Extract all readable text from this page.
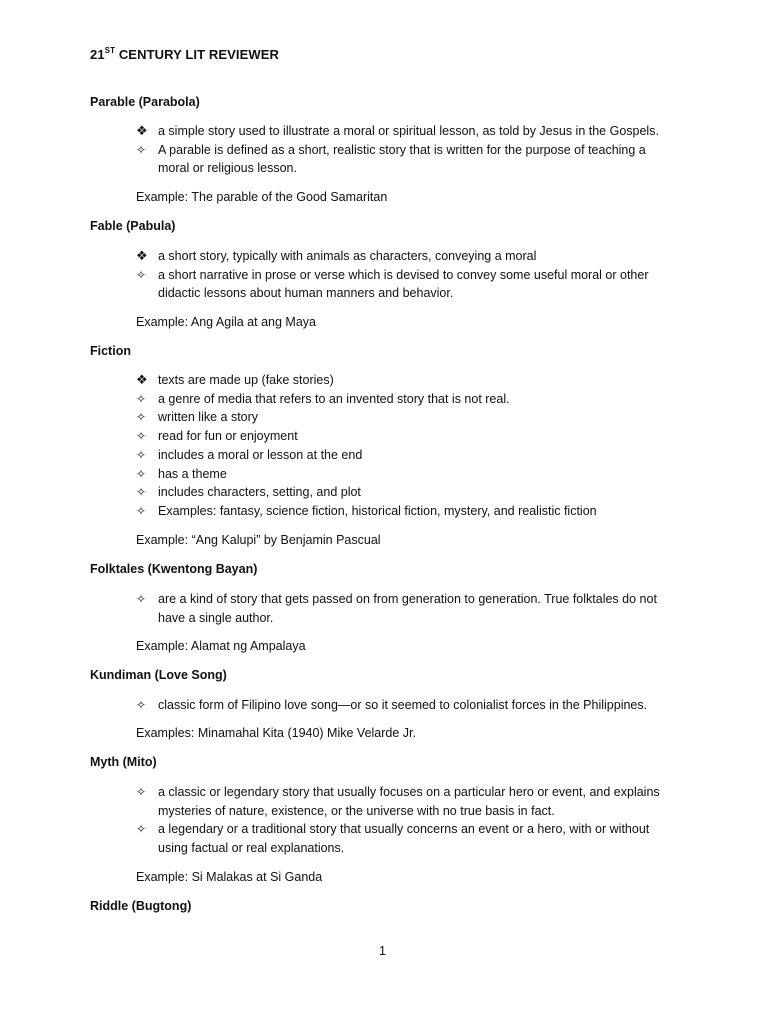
21ST CENTURY LIT REVIEWER
Parable (Parabola)
❖ a simple story used to illustrate a moral or spiritual lesson, as told by Jesus in the Gospels.
✧ A parable is defined as a short, realistic story that is written for the purpose of teaching a moral or religious lesson.
Example: The parable of the Good Samaritan
Fable (Pabula)
❖ a short story, typically with animals as characters, conveying a moral
✧ a short narrative in prose or verse which is devised to convey some useful moral or other didactic lessons about human manners and behavior.
Example: Ang Agila at ang Maya
Fiction
❖ texts are made up (fake stories)
✧ a genre of media that refers to an invented story that is not real.
✧ written like a story
✧ read for fun or enjoyment
✧ includes a moral or lesson at the end
✧ has a theme
✧ includes characters, setting, and plot
✧ Examples: fantasy, science fiction, historical fiction, mystery, and realistic fiction
Example: “Ang Kalupi” by Benjamin Pascual
Folktales (Kwentong Bayan)
✧ are a kind of story that gets passed on from generation to generation. True folktales do not have a single author.
Example: Alamat ng Ampalaya
Kundiman (Love Song)
✧ classic form of Filipino love song—or so it seemed to colonialist forces in the Philippines.
Examples: Minamahal Kita (1940) Mike Velarde Jr.
Myth (Mito)
✧ a classic or legendary story that usually focuses on a particular hero or event, and explains mysteries of nature, existence, or the universe with no true basis in fact.
✧ a legendary or a traditional story that usually concerns an event or a hero, with or without using factual or real explanations.
Example: Si Malakas at Si Ganda
Riddle (Bugtong)
1
